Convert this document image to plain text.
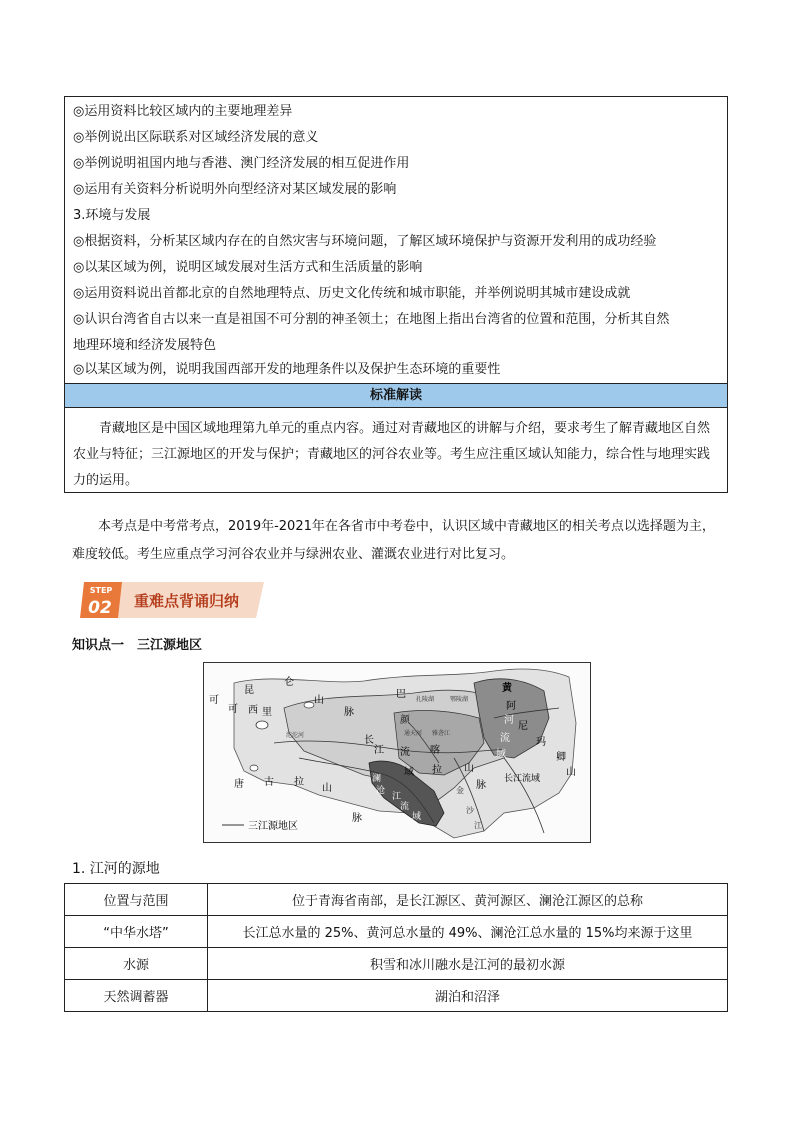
◎运用资料比较区域内的主要地理差异
◎举例说出区际联系对区域经济发展的意义
◎举例说明祖国内地与香港、澳门经济发展的相互促进作用
◎运用有关资料分析说明外向型经济对某区域发展的影响
3.环境与发展
◎根据资料，分析某区域内存在的自然灾害与环境问题，了解区域环境保护与资源开发利用的成功经验
◎以某区域为例，说明区域发展对生活方式和生活质量的影响
◎运用资料说出首都北京的自然地理特点、历史文化传统和城市职能，并举例说明其城市建设成就
◎认识台湾省自古以来一直是祖国不可分割的神圣领土；在地图上指出台湾省的位置和范围，分析其自然
地理环境和经济发展特色
◎以某区域为例，说明我国西部开发的地理条件以及保护生态环境的重要性
标准解读
青藏地区是中国区域地理第九单元的重点内容。通过对青藏地区的讲解与介绍，要求考生了解青藏地区自然农业与特征；三江源地区的开发与保护；青藏地区的河谷农业等。考生应注重区域认知能力，综合性与地理实践力的运用。
本考点是中考常考点，2019年-2021年在各省市中考卷中，认识区域中青藏地区的相关考点以选择题为主，难度较低。考生应重点学习河谷农业并与绿洲农业、灌溉农业进行对比复习。
STEP
02 重难点背诵归纳
知识点一　三江源地区
昆
仑
山
脉
可
可 西 里
唐 古 拉
山
脉
巴
颜
喀
拉 山
脉
阿
尼
玛
卿
山
黄
河
流
域
长
江 流
域
长江流域
澜
沧
江
流
域
沱沱河	通天河 雅砻江
金
沙
江
扎陵湖	鄂陵湖
三江源地区
1. 江河的源地
位置与范围	位于青海省南部，是长江源区、黄河源区、澜沧江源区的总称
“中华水塔”	长江总水量的 25%、黄河总水量的 49%、澜沧江总水量的 15%均来源于这里
水源	积雪和冰川融水是江河的最初水源
天然调蓄器	湖泊和沼泽
